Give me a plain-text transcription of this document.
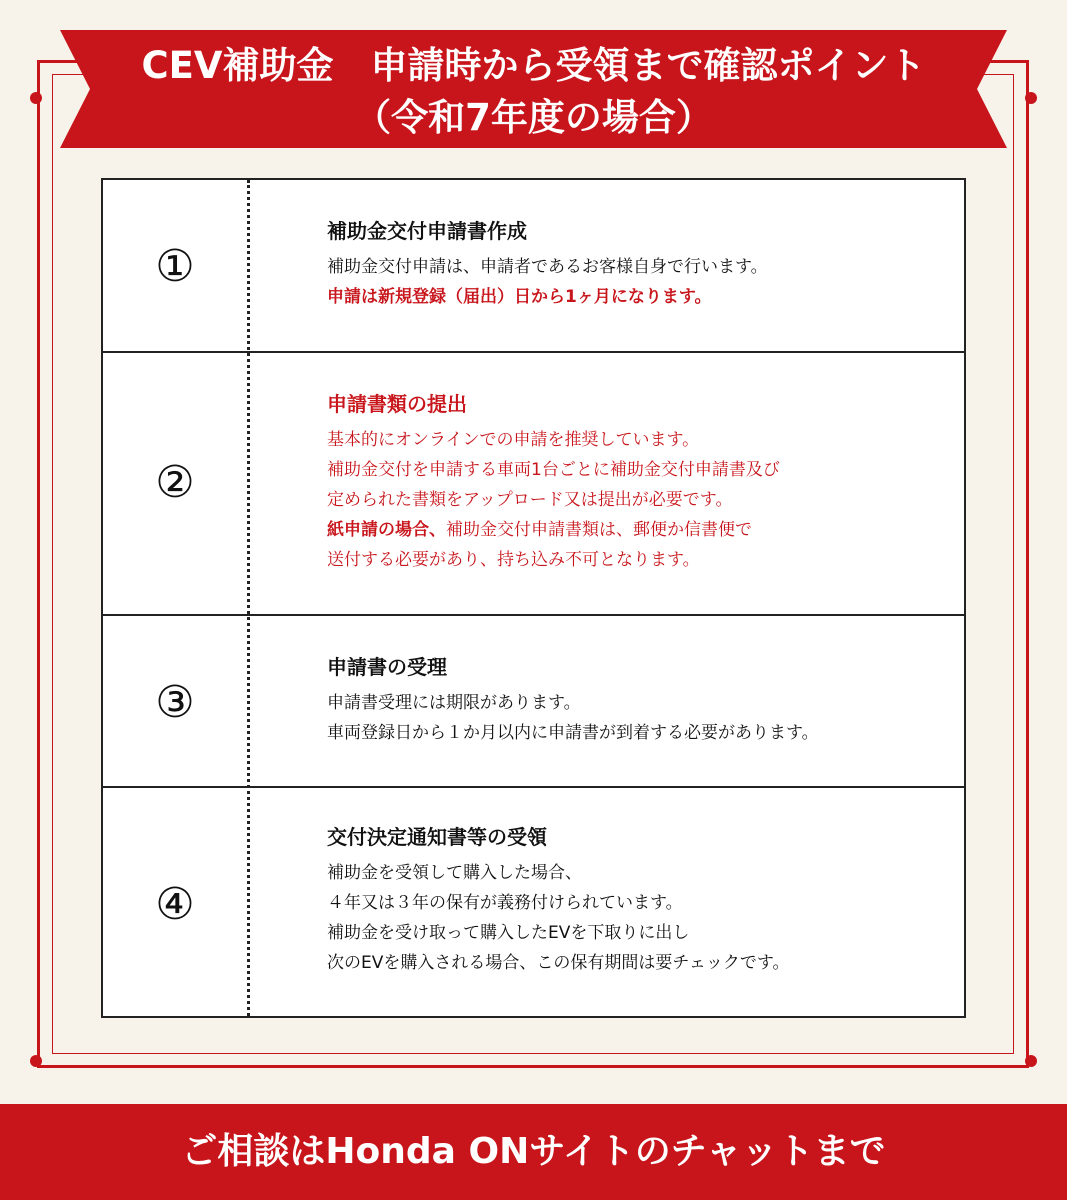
CEV補助金　申請時から受領まで確認ポイント
（令和7年度の場合）
①
補助金交付申請書作成
補助金交付申請は、申請者であるお客様自身で行います。
申請は新規登録（届出）日から1ヶ月になります。
②
申請書類の提出
基本的にオンラインでの申請を推奨しています。
補助金交付を申請する車両1台ごとに補助金交付申請書及び
定められた書類をアップロード又は提出が必要です。
紙申請の場合、補助金交付申請書類は、郵便か信書便で
送付する必要があり、持ち込み不可となります。
③
申請書の受理
申請書受理には期限があります。
車両登録日から１か月以内に申請書が到着する必要があります。
④
交付決定通知書等の受領
補助金を受領して購入した場合、
４年又は３年の保有が義務付けられています。
補助金を受け取って購入したEVを下取りに出し
次のEVを購入される場合、この保有期間は要チェックです。
ご相談はHonda ONサイトのチャットまで
